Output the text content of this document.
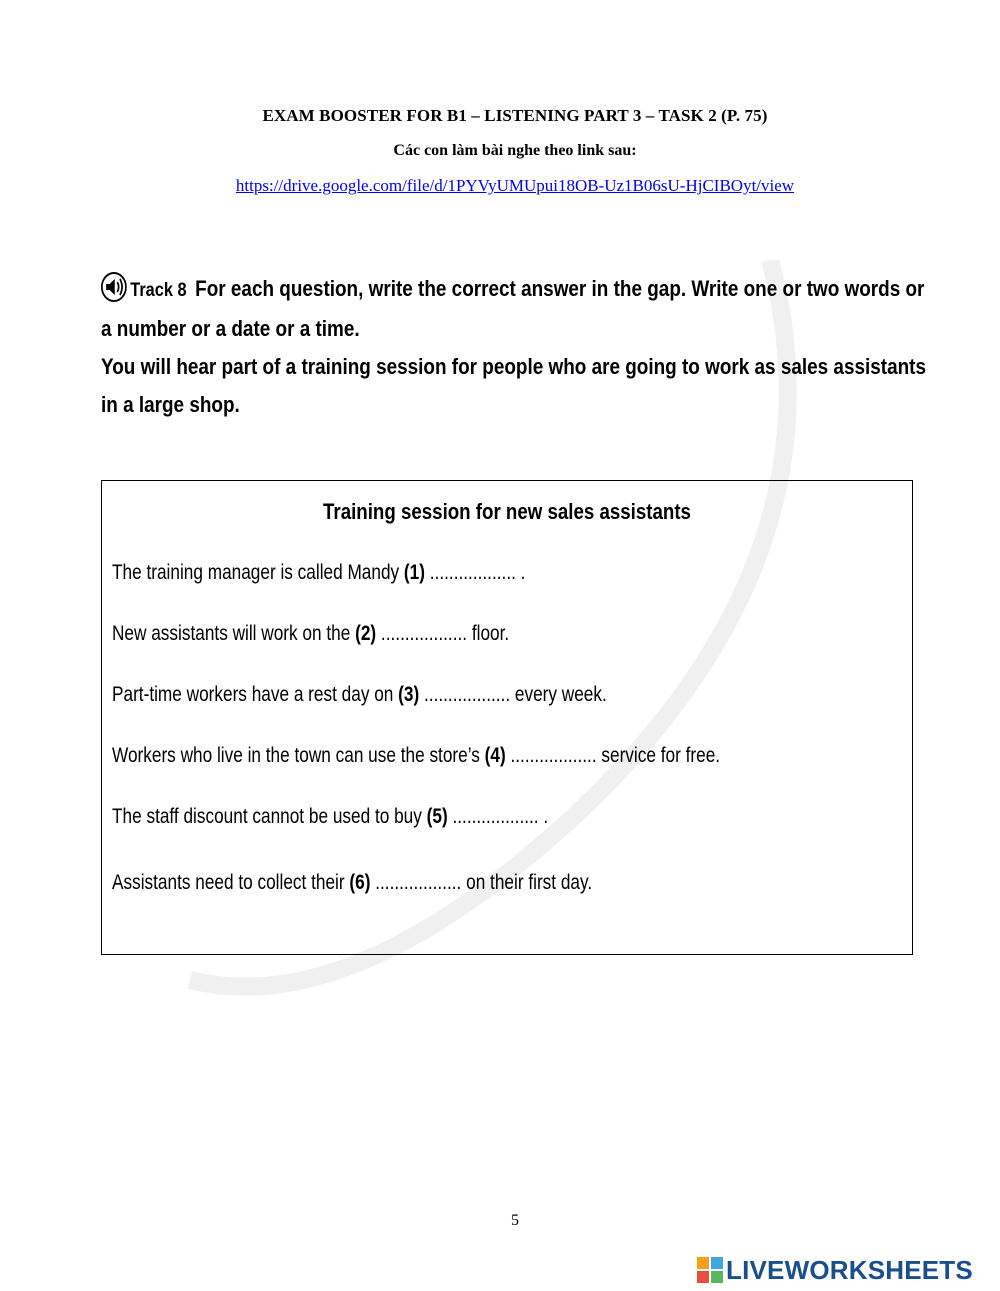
EXAM BOOSTER FOR B1 – LISTENING PART 3 – TASK 2 (P. 75)
Các con làm bài nghe theo link sau:
https://drive.google.com/file/d/1PYVyUMUpui18OB-Uz1B06sU-HjCIBOyt/view
Track 8 For each question, write the correct answer in the gap. Write one or two words or a number or a date or a time.
You will hear part of a training session for people who are going to work as sales assistants in a large shop.
Training session for new sales assistants
The training manager is called Mandy (1) .................. .
New assistants will work on the (2) .................. floor.
Part-time workers have a rest day on (3) .................. every week.
Workers who live in the town can use the store’s (4) .................. service for free.
The staff discount cannot be used to buy (5) .................. .
Assistants need to collect their (6) .................. on their first day.
5
LIVEWORKSHEETS
